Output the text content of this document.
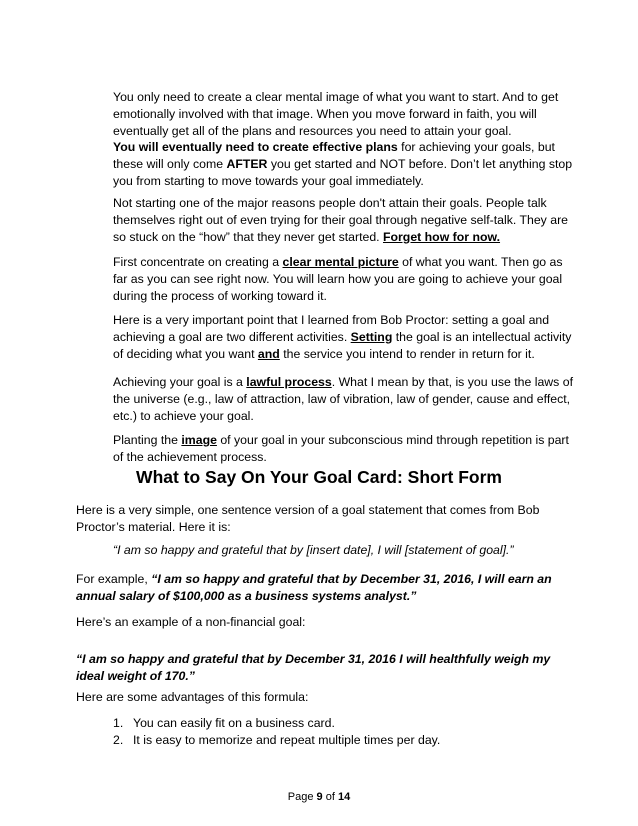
You only need to create a clear mental image of what you want to start. And to get emotionally involved with that image. When you move forward in faith, you will eventually get all of the plans and resources you need to attain your goal.

You will eventually need to create effective plans for achieving your goals, but these will only come AFTER you get started and NOT before. Don’t let anything stop you from starting to move towards your goal immediately.

Not starting one of the major reasons people don't attain their goals. People talk themselves right out of even trying for their goal through negative self-talk. They are so stuck on the “how” that they never get started. Forget how for now.

First concentrate on creating a clear mental picture of what you want. Then go as far as you can see right now. You will learn how you are going to achieve your goal during the process of working toward it.

Here is a very important point that I learned from Bob Proctor: setting a goal and achieving a goal are two different activities. Setting the goal is an intellectual activity of deciding what you want and the service you intend to render in return for it.

Achieving your goal is a lawful process. What I mean by that, is you use the laws of the universe (e.g., law of attraction, law of vibration, law of gender, cause and effect, etc.) to achieve your goal.

Planting the image of your goal in your subconscious mind through repetition is part of the achievement process.

What to Say On Your Goal Card: Short Form

Here is a very simple, one sentence version of a goal statement that comes from Bob Proctor’s material. Here it is:

“I am so happy and grateful that by [insert date], I will [statement of goal].”

For example, “I am so happy and grateful that by December 31, 2016, I will earn an annual salary of $100,000 as a business systems analyst.”

Here’s an example of a non-financial goal:

“I am so happy and grateful that by December 31, 2016 I will healthfully weigh my ideal weight of 170.”

Here are some advantages of this formula:

1. You can easily fit on a business card.
2. It is easy to memorize and repeat multiple times per day.
Page 9 of 14
